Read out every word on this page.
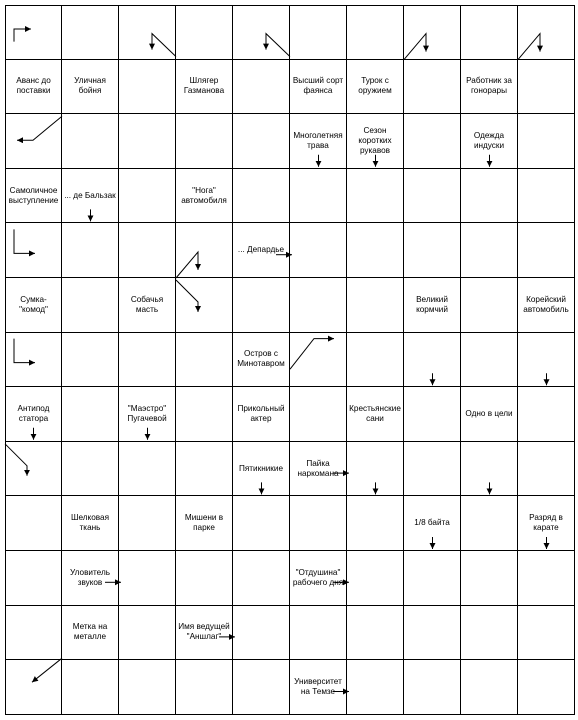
Аванс до
поставки
Уличная
бойня
Шлягер
Газманова
Высший сорт
фаянса
Турок с
оружием
Работник за
гонорары
Многолетняя
трава
Сезон
коротких
рукавов
Одежда
индуски
Самоличное
выступление
... де Бальзак
"Нога"
автомобиля
... Депардье
Сумка-"комод"
Собачья
масть
Великий
кормчий
Корейский
автомобиль
Остров с
Минотавром
Антипод
статора
"Маэстро"
Пугачевой
Прикольный
актер
Крестьянские
сани
Одно в цели
Пятикникие
Пайка
наркомана
Шелковая
ткань
Мишени в
парке
1/8 байта
Разряд в
карате
Уловитель
звуков
"Отдушина"
рабочего дня
Метка на
металле
Имя ведущей
"Аншлаг"
Университет
на Темзе
